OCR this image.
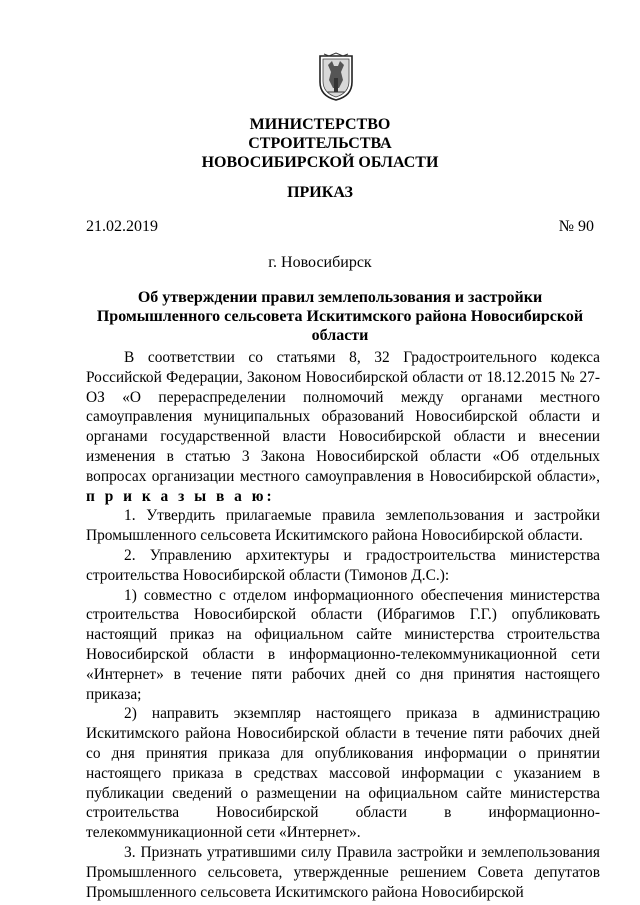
МИНИСТЕРСТВО
СТРОИТЕЛЬСТВА
НОВОСИБИРСКОЙ ОБЛАСТИ
ПРИКАЗ
21.02.2019	№ 90
г. Новосибирск
Об утверждении правил землепользования и застройки Промышленного сельсовета Искитимского района Новосибирской области

В соответствии со статьями 8, 32 Градостроительного кодекса Российской Федерации, Законом Новосибирской области от 18.12.2015 № 27-ОЗ «О перераспределении полномочий между органами местного самоуправления муниципальных образований Новосибирской области и органами государственной власти Новосибирской области и внесении изменения в статью 3 Закона Новосибирской области «Об отдельных вопросах организации местного самоуправления в Новосибирской области», п р и к а з ы в а ю:

1. Утвердить прилагаемые правила землепользования и застройки Промышленного сельсовета Искитимского района Новосибирской области.

2. Управлению архитектуры и градостроительства министерства строительства Новосибирской области (Тимонов Д.С.):

1) совместно с отделом информационного обеспечения министерства строительства Новосибирской области (Ибрагимов Г.Г.) опубликовать настоящий приказ на официальном сайте министерства строительства Новосибирской области в информационно-телекоммуникационной сети «Интернет» в течение пяти рабочих дней со дня принятия настоящего приказа;

2) направить экземпляр настоящего приказа в администрацию Искитимского района Новосибирской области в течение пяти рабочих дней со дня принятия приказа для опубликования информации о принятии настоящего приказа в средствах массовой информации с указанием в публикации сведений о размещении на официальном сайте министерства строительства Новосибирской области в информационно-телекоммуникационной сети «Интернет».

3. Признать утратившими силу Правила застройки и землепользования Промышленного сельсовета, утвержденные решением Совета депутатов Промышленного сельсовета Искитимского района Новосибирской
